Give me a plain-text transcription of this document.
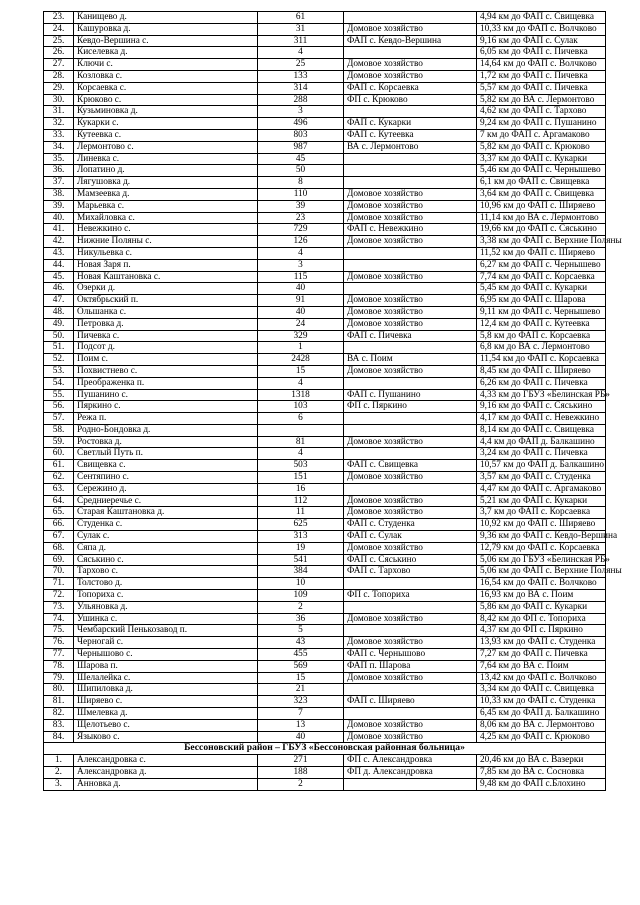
23.	Канищево д.	61		4,94 км до ФАП с. Свищевка
24.	Кашуровка д.	31	Домовое хозяйство	10,33 км до ФАП с. Волчково
25.	Кевдо-Вершина с.	311	ФАП с. Кевдо-Вершина	9,16 км до ФАП с. Сулак
26.	Киселевка д.	4		6,05 км до ФАП с. Пичевка
27.	Ключи с.	25	Домовое хозяйство	14,64 км до ФАП с. Волчково
28.	Козловка с.	133	Домовое хозяйство	1,72 км до ФАП с. Пичевка
29.	Корсаевка с.	314	ФАП с. Корсаевка	5,57 км до ФАП с. Пичевка
30.	Крюково с.	288	ФП с. Крюково	5,82 км до ВА с. Лермонтово
31.	Кузьминовка д.	3		4,62 км до ФАП с. Тархово
32.	Кукарки с.	496	ФАП с. Кукарки	9,24 км до ФАП с. Пушанино
33.	Кутеевка с.	803	ФАП с. Кутеевка	7 км до ФАП с. Аргамаково
34.	Лермонтово с.	987	ВА с. Лермонтово	5,82 км до ФАП с. Крюково
35.	Линевка с.	45		3,37 км до ФАП с. Кукарки
36.	Лопатино д.	50		5,46 км до ФАП с. Чернышево
37.	Лягушовка д.	8		6,1 км до ФАП с. Свищевка
38.	Мамзеевка д.	110	Домовое хозяйство	3,64 км до ФАП с. Свищевка
39.	Марьевка с.	39	Домовое хозяйство	10,96 км до ФАП с. Ширяево
40.	Михайловка с.	23	Домовое хозяйство	11,14 км до ВА с. Лермонтово
41.	Невежкино с.	729	ФАП с. Невежкино	19,66 км до ФАП с. Сяськино
42.	Нижние Поляны с.	126	Домовое хозяйство	3,38 км до ФАП с. Верхние Поляны
43.	Никульевка с.	4		11,52 км до ФАП с. Ширяево
44.	Новая Заря п.	3		6,27 км до ФАП с. Чернышево
45.	Новая Каштановка с.	115	Домовое хозяйство	7,74 км до ФАП с. Корсаевка
46.	Озерки д.	40		5,45 км до ФАП с. Кукарки
47.	Октябрьский п.	91	Домовое хозяйство	6,95 км до ФАП с. Шарова
48.	Ольшанка с.	40	Домовое хозяйство	9,11 км до ФАП с. Чернышево
49.	Петровка д.	24	Домовое хозяйство	12,4 км до ФАП с. Кутеевка
50.	Пичевка с.	329	ФАП с. Пичевка	5,8 км до ФАП с. Корсаевка
51.	Подсот д.	1		6,8 км до ВА с. Лермонтово
52.	Поим с.	2428	ВА с. Поим	11,54 км до ФАП с. Корсаевка
53.	Похвистнево с.	15	Домовое хозяйство	8,45 км до ФАП с. Ширяево
54.	Преображенка п.	4		6,26 км до ФАП с. Пичевка
55.	Пушанино с.	1318	ФАП с. Пушанино	4,33 км до ГБУЗ «Белинская РБ»
56.	Пяркино с.	103	ФП с. Пяркино	9,16 км до ФАП с. Сяськино
57.	Режа п.	6		4,17 км до ФАП с. Невежкино
58.	Родно-Бондовка д.			8,14 км до ФАП с. Свищевка
59.	Ростовка д.	81	Домовое хозяйство	4,4 км до ФАП д. Балкашино
60.	Светлый Путь п.	4		3,24 км до ФАП с. Пичевка
61.	Свищевка с.	503	ФАП с. Свищевка	10,57 км до ФАП д. Балкашино
62.	Сентяпино с.	151	Домовое хозяйство	3,57 км до ФАП с. Студенка
63.	Сережино д.	16		4,47 км до ФАП с. Аргамаково
64.	Средниеречье с.	112	Домовое хозяйство	5,21 км до ФАП с. Кукарки
65.	Старая Каштановка д.	11	Домовое хозяйство	3,7 км до ФАП с. Корсаевка
66.	Студенка с.	625	ФАП с. Студенка	10,92 км до ФАП с. Ширяево
67.	Сулак с.	313	ФАП с. Сулак	9,36 км до ФАП с. Кевдо-Вершина
68.	Сяпа д.	19	Домовое хозяйство	12,79 км до ФАП с. Корсаевка
69.	Сяськино с.	541	ФАП с. Сяськино	5,06 км до ГБУЗ «Белинская РБ»
70.	Тархово с.	384	ФАП с. Тархово	5,06 км до ФАП с. Верхние Поляны
71.	Толстово д.	10		16,54 км до ФАП с. Волчково
72.	Топориха с.	109	ФП с. Топориха	16,93 км до ВА с. Поим
73.	Ульяновка д.	2		5,86 км до ФАП с. Кукарки
74.	Ушинка с.	36	Домовое хозяйство	8,42 км до ФП с. Топориха
75.	Чембарский Пенькозавод п.	5		4,37 км до ФП с. Пяркино
76.	Черногай с.	43	Домовое хозяйство	13,93 км до ФАП с. Студенка
77.	Чернышово с.	455	ФАП с. Чернышово	7,27 км до ФАП с. Пичевка
78.	Шарова п.	569	ФАП п. Шарова	7,64 км до ВА с. Поим
79.	Шелалейка с.	15	Домовое хозяйство	13,42 км до ФАП с. Волчково
80.	Шипиловка д.	21		3,34 км до ФАП с. Свищевка
81.	Ширяево с.	323	ФАП с. Ширяево	10,33 км до ФАП с. Студенка
82.	Шмелевка д.	7		6,45 км до ФАП д. Балкашино
83.	Щелотьево с.	13	Домовое хозяйство	8,06 км до ВА с. Лермонтово
84.	Языково с.	40	Домовое хозяйство	4,25 км до ФАП с. Крюково
Бессоновский район – ГБУЗ «Бессоновская районная больница»				
1.	Александровка с.	271	ФП с. Александровка	20,46 км до ВА с. Вазерки
2.	Александровка д.	188	ФП д. Александровка	7,85 км до ВА с. Сосновка
3.	Анновка д.	2		9,48 км до ФАП с.Блохино
